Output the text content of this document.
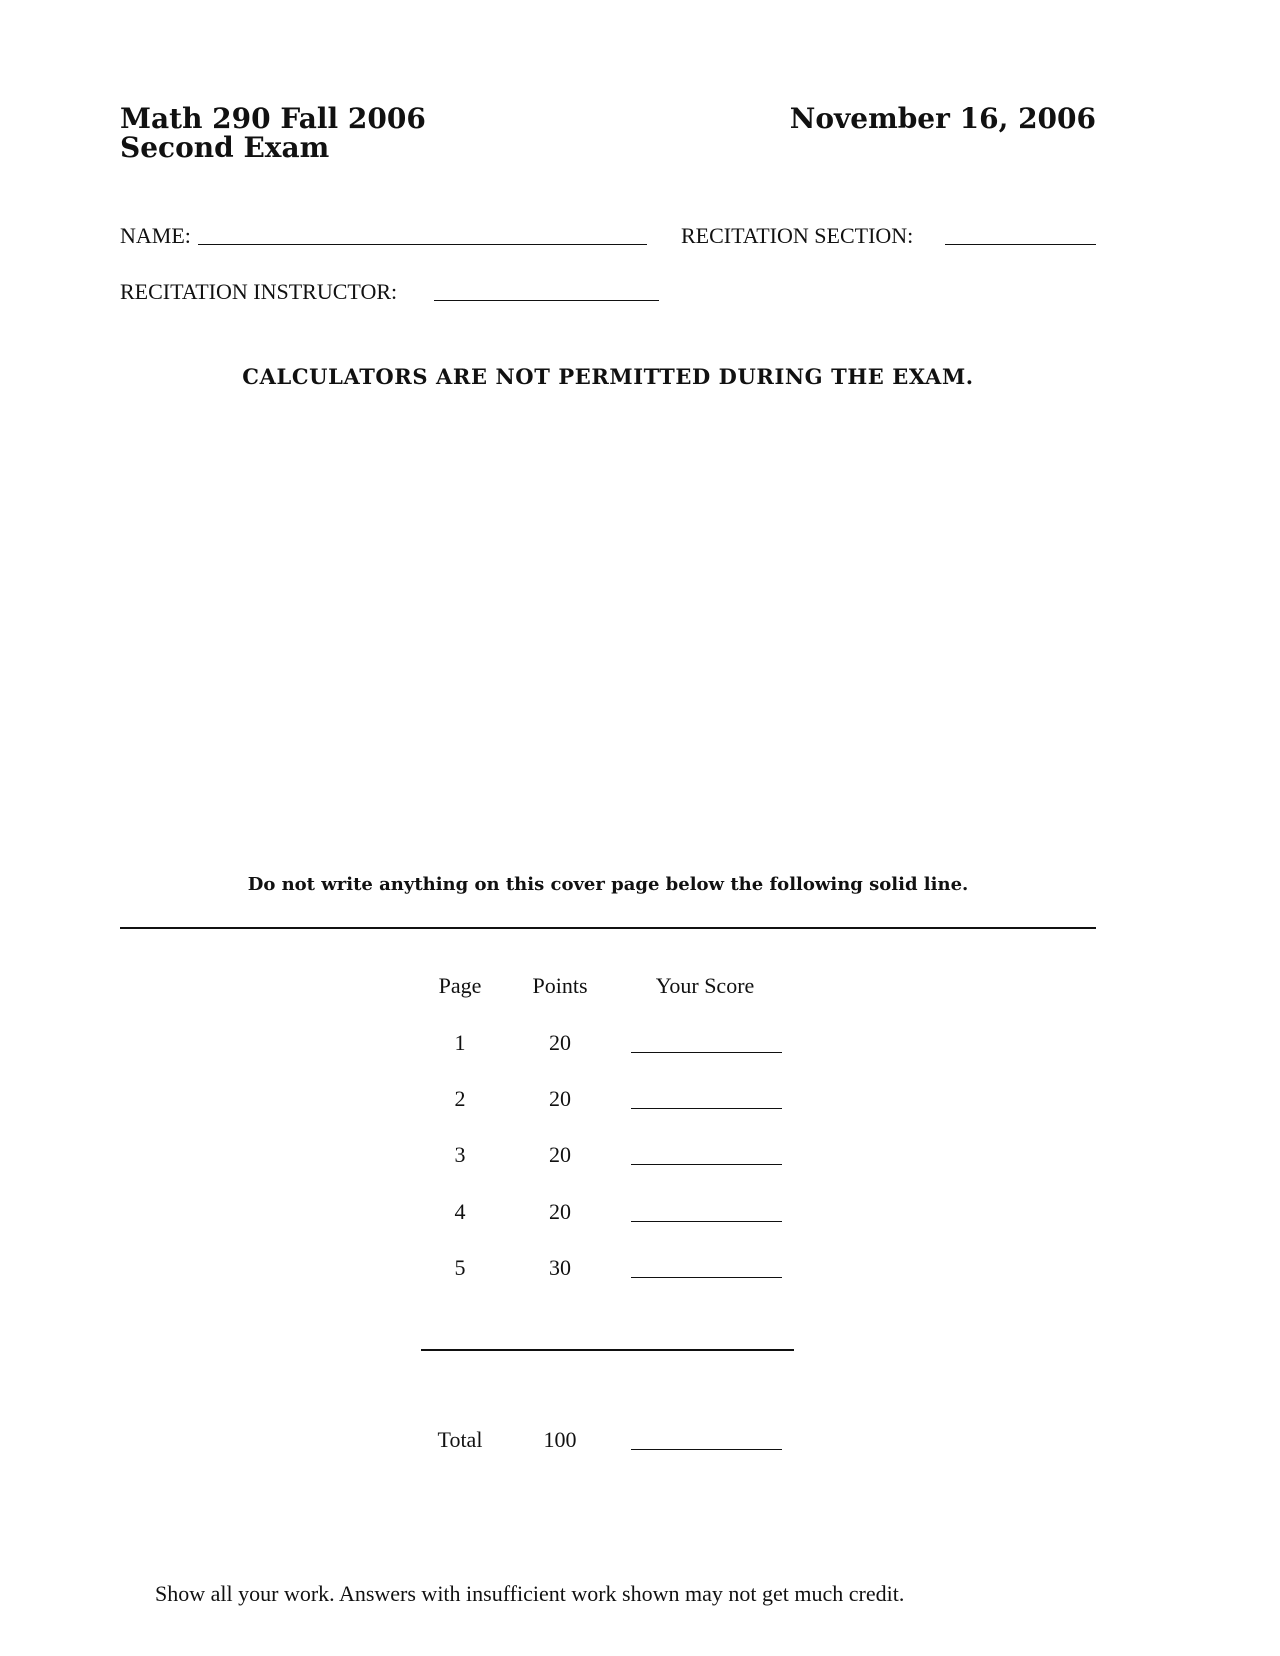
Math 290 Fall 2006
Second Exam
November 16, 2006
NAME:	RECITATION SECTION:
RECITATION INSTRUCTOR:
CALCULATORS ARE NOT PERMITTED DURING THE EXAM.
Do not write anything on this cover page below the following solid line.
Page	Points	Your Score
1	20
2	20
3	20
4	20
5	30
Total	100
Show all your work. Answers with insufficient work shown may not get much credit.
